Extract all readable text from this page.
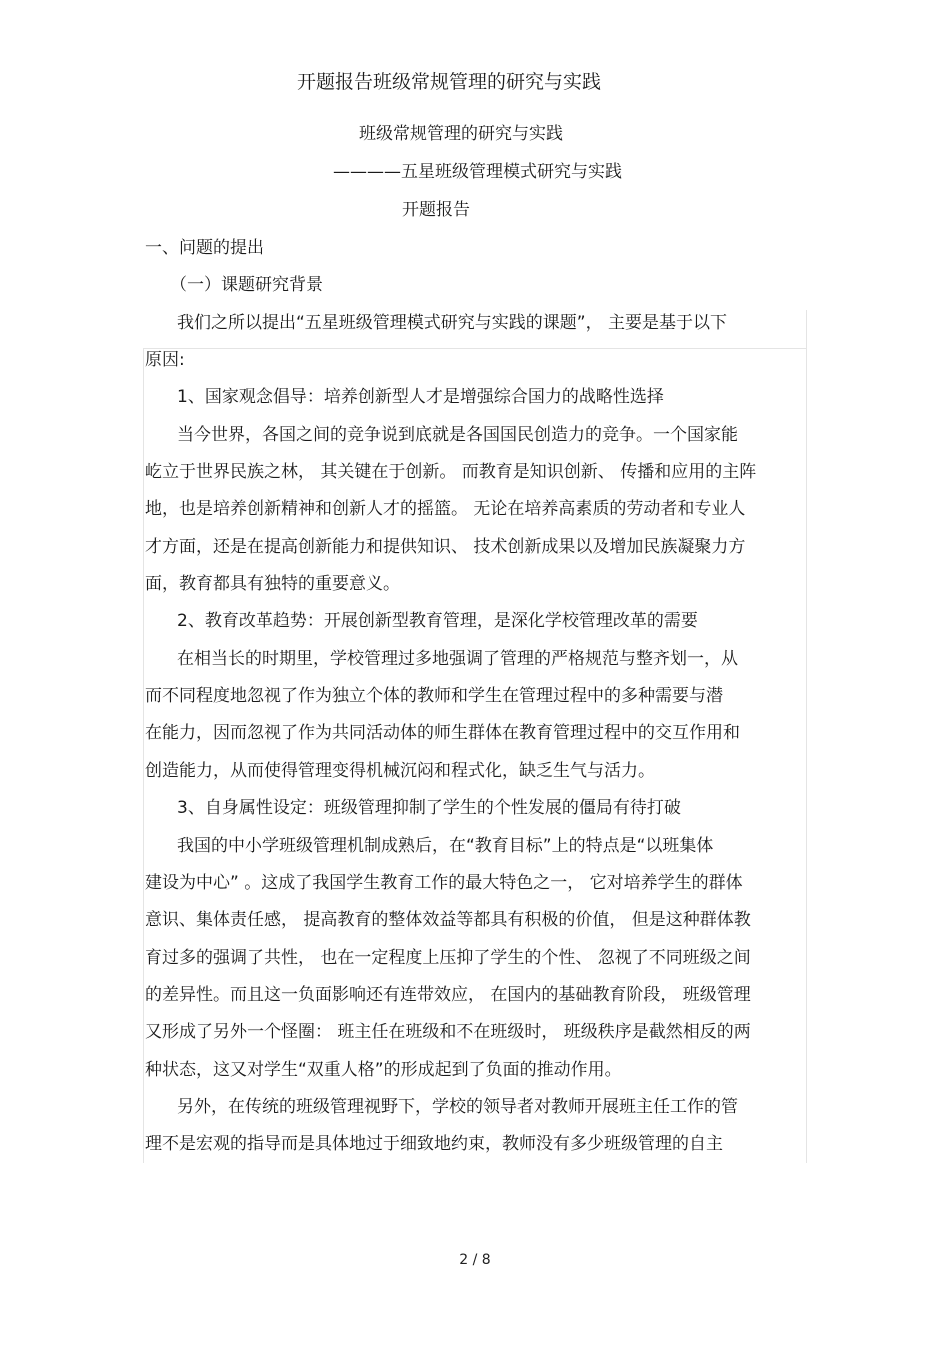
开题报告班级常规管理的研究与实践

班级常规管理的研究与实践

————五星班级管理模式研究与实践

开题报告

一、问题的提出

（一）课题研究背景

我们之所以提出“五星班级管理模式研究与实践的课题”， 主要是基于以下

原因:

1、国家观念倡导：培养创新型人才是增强综合国力的战略性选择

当今世界，各国之间的竞争说到底就是各国国民创造力的竞争。一个国家能

屹立于世界民族之林， 其关键在于创新。 而教育是知识创新、 传播和应用的主阵

地，也是培养创新精神和创新人才的摇篮。 无论在培养高素质的劳动者和专业人

才方面，还是在提高创新能力和提供知识、 技术创新成果以及增加民族凝聚力方

面，教育都具有独特的重要意义。

2、教育改革趋势：开展创新型教育管理，是深化学校管理改革的需要

在相当长的时期里，学校管理过多地强调了管理的严格规范与整齐划一，从

而不同程度地忽视了作为独立个体的教师和学生在管理过程中的多种需要与潜

在能力，因而忽视了作为共同活动体的师生群体在教育管理过程中的交互作用和

创造能力，从而使得管理变得机械沉闷和程式化，缺乏生气与活力。

3、自身属性设定：班级管理抑制了学生的个性发展的僵局有待打破

我国的中小学班级管理机制成熟后，在“教育目标”上的特点是“以班集体

建设为中心” 。这成了我国学生教育工作的最大特色之一， 它对培养学生的群体

意识、集体责任感， 提高教育的整体效益等都具有积极的价值， 但是这种群体教

育过多的强调了共性， 也在一定程度上压抑了学生的个性、 忽视了不同班级之间

的差异性。而且这一负面影响还有连带效应， 在国内的基础教育阶段， 班级管理

又形成了另外一个怪圈： 班主任在班级和不在班级时， 班级秩序是截然相反的两

种状态，这又对学生“双重人格”的形成起到了负面的推动作用。

另外，在传统的班级管理视野下，学校的领导者对教师开展班主任工作的管

理不是宏观的指导而是具体地过于细致地约束，教师没有多少班级管理的自主

2 / 8
